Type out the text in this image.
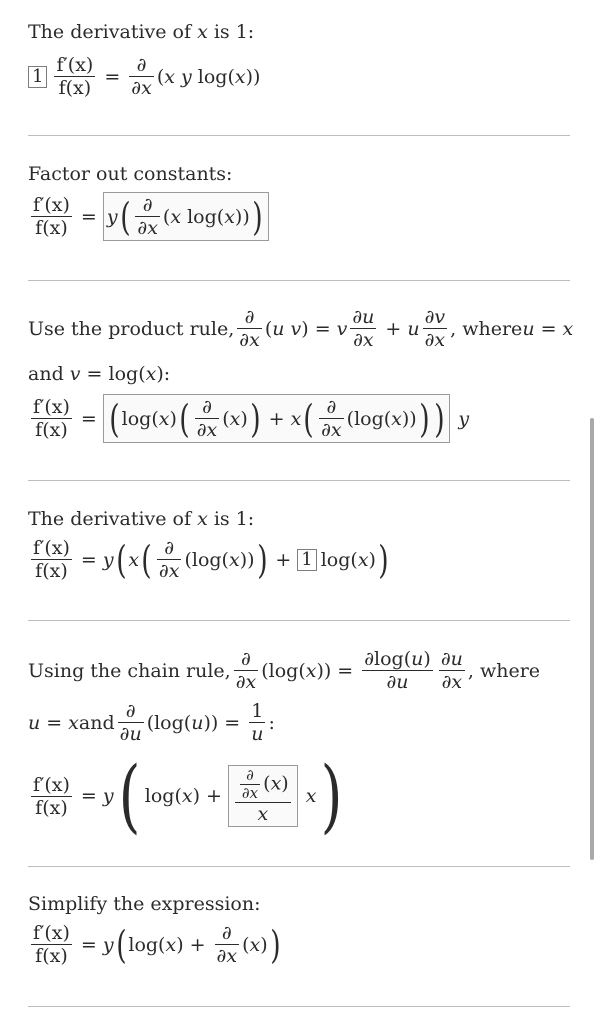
The derivative of x is 1:
$1 \frac{f'(x)}{f(x)} = \frac{\partial}{\partial x} (x$ y log(x))
Factor out constants:
$\frac{f'(x)}{f(x)} = y$ ( $\frac{\partial}{\partial x} (x$ log(x)) )
Use the product rule, $\frac{\partial}{\partial x} (u$ v) = v $\frac{\partial u}{\partial x} + u \frac{\partial v}{\partial x}$ , where u = x
and v = log(x):
$\frac{f'(x)}{f(x)}$ = ( log( x ) ( $\frac{\partial}{\partial x}$ ( x ) ) + x ( $\frac{\partial}{\partial x} (\log$( x )) ) ) y
The derivative of x is 1:
$\frac{f'(x)}{f(x)} = y$ ( x ( $\frac{\partial}{\partial x} (\log$( x )) ) + 1 log(x) )
Using the chain rule, $\frac{\partial}{\partial x} (\log(x)) = \frac{\partial\log(u)}{\partial u} \frac{\partial u}{\partial x}$ , where
u = x and $\frac{\partial}{\partial u} (\log(u)) = \frac{1}{u}$ :
$\frac{f'(x)}{f(x)} = y$ ( log( x ) + $\frac{\frac{\partial}{\partial x} (x)}{x}$ x )
Simplify the expression:
$\frac{f'(x)}{f(x)} = y$ ( log( x ) + $\frac{\partial}{\partial x}$ ( x ) )
